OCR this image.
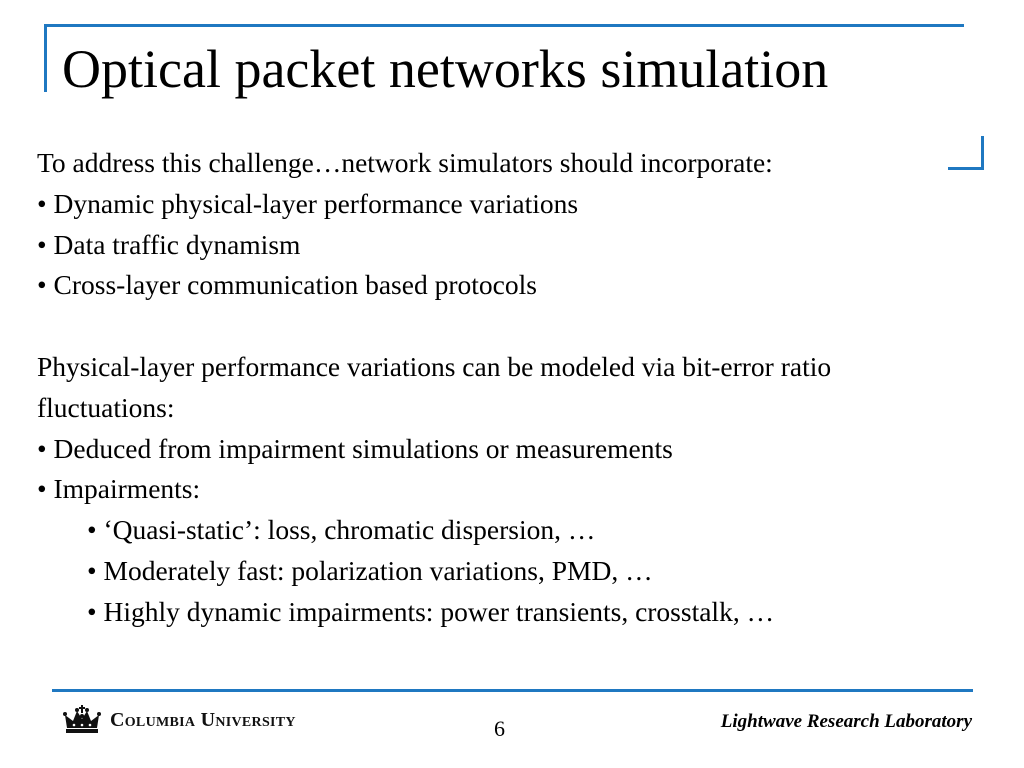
Optical packet networks simulation
To address this challenge…network simulators should incorporate:
• Dynamic physical-layer performance variations
• Data traffic dynamism
• Cross-layer communication based protocols
Physical-layer performance variations can be modeled via bit-error ratio
fluctuations:
• Deduced from impairment simulations or measurements
• Impairments:
• ‘Quasi-static’: loss, chromatic dispersion, …
• Moderately fast: polarization variations, PMD, …
• Highly dynamic impairments: power transients, crosstalk, …
Columbia University	6	Lightwave Research Laboratory
